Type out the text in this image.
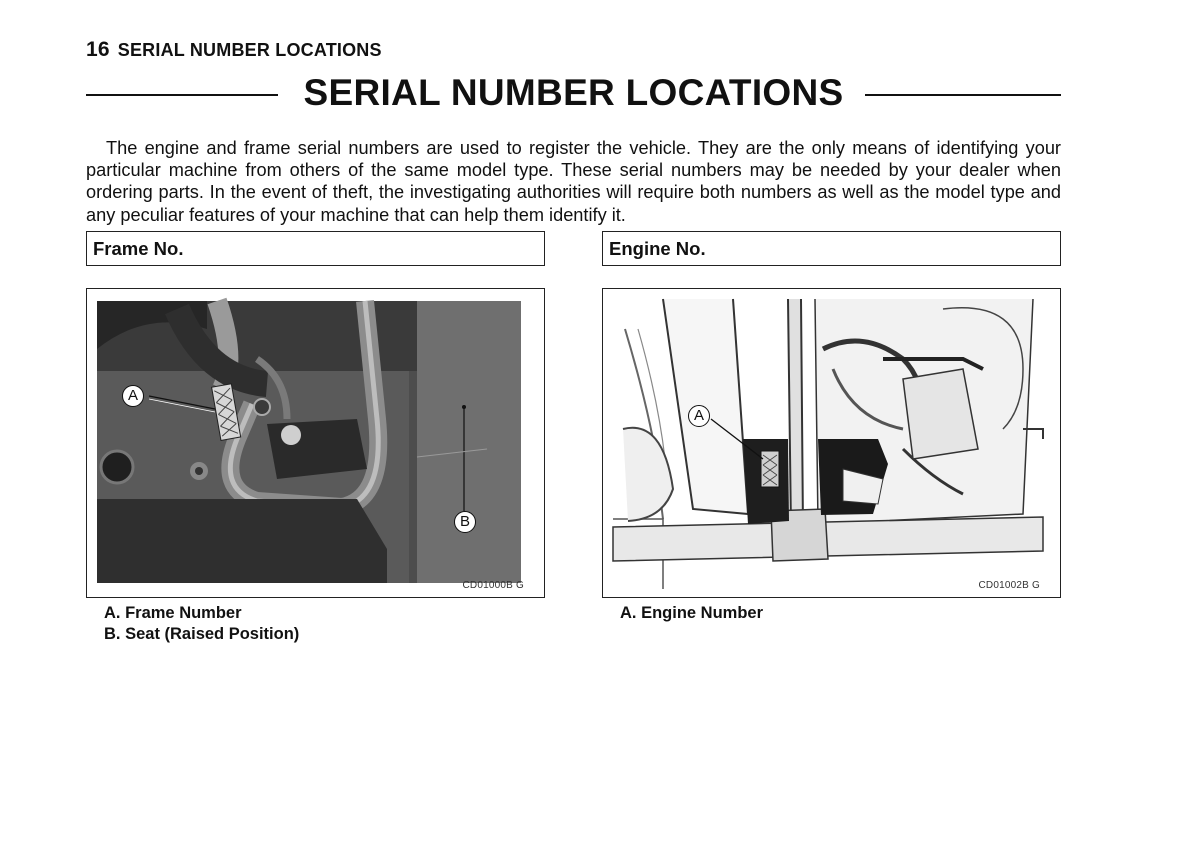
16 SERIAL NUMBER LOCATIONS
SERIAL NUMBER LOCATIONS

The engine and frame serial numbers are used to register the vehicle. They are the only means of identifying your particular machine from others of the same model type. These serial numbers may be needed by your dealer when ordering parts. In the event of theft, the investigating authorities will require both numbers as well as the model type and any peculiar features of your machine that can help them identify it.

Frame No.	Engine No.
A
B
CD01000B G
A
CD01002B G
A. Frame Number
B. Seat (Raised Position)
A. Engine Number
